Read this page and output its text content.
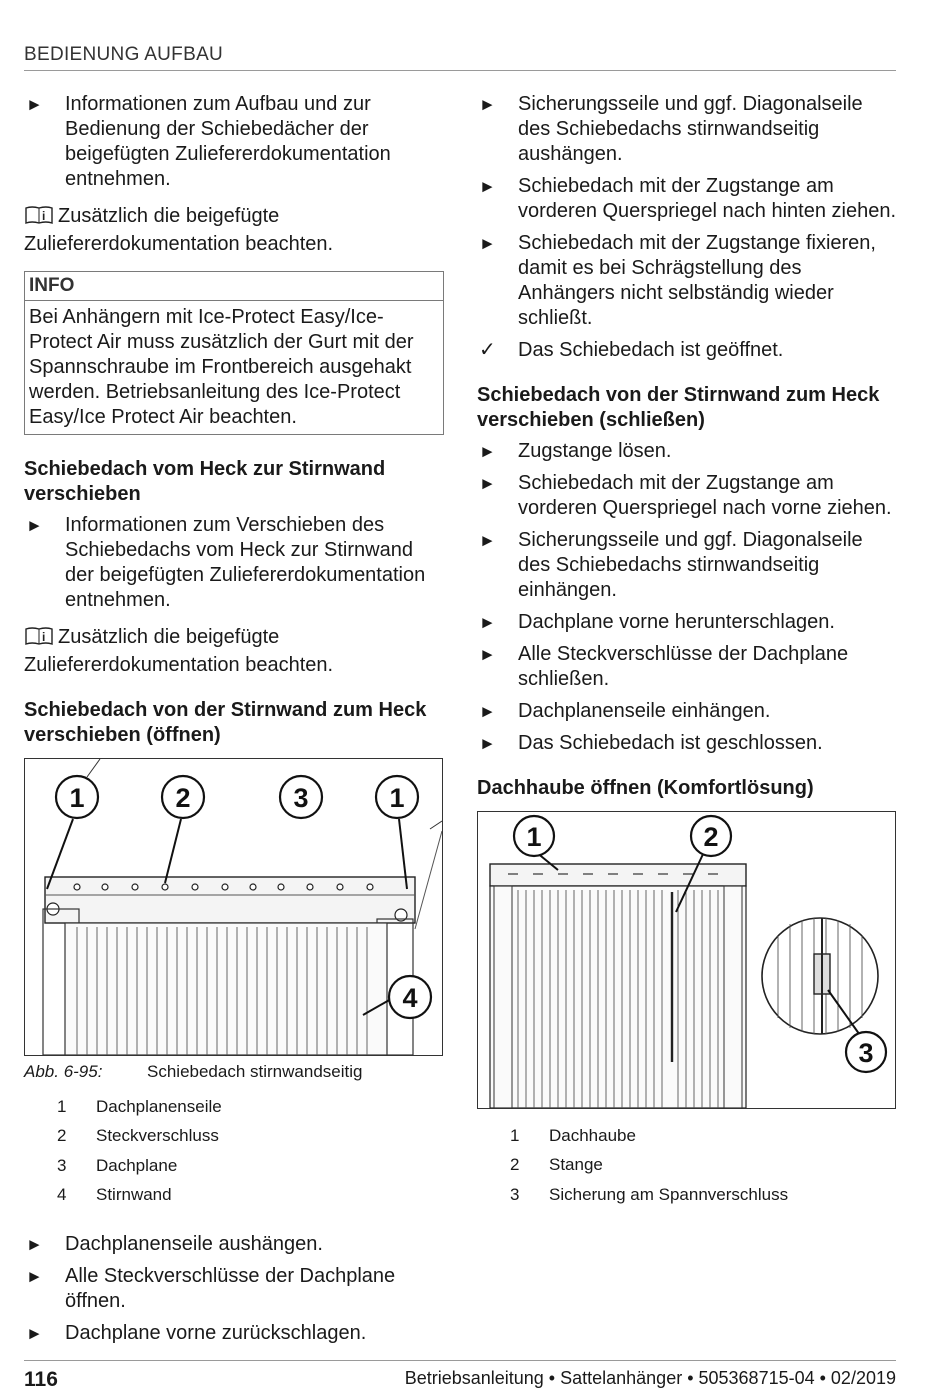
BEDIENUNG AUFBAU
► Informationen zum Aufbau und zur Bedienung der Schiebedächer der beigefügten Zuliefererdokumentation entnehmen.
i Zusätzlich die beigefügte Zuliefererdokumentation beachten.
INFO
Bei Anhängern mit Ice-Protect Easy/Ice-Protect Air muss zusätzlich der Gurt mit der Spannschraube im Frontbereich ausgehakt werden. Betriebsanleitung des Ice-Protect Easy/Ice Protect Air beachten.
Schiebedach vom Heck zur Stirnwand verschieben
► Informationen zum Verschieben des Schiebedachs vom Heck zur Stirnwand der beigefügten Zuliefererdokumentation entnehmen.
i Zusätzlich die beigefügte Zuliefererdokumentation beachten.
Schiebedach von der Stirnwand zum Heck verschieben (öffnen)
1	2	3	1
4
Abb. 6-95:	Schiebedach stirnwandseitig
1	Dachplanenseile
2	Steckverschluss
3	Dachplane
4	Stirnwand
► Dachplanenseile aushängen.
► Alle Steckverschlüsse der Dachplane öffnen.
► Dachplane vorne zurückschlagen.
► Sicherungsseile und ggf. Diagonalseile des Schiebedachs stirnwandseitig aushängen.
► Schiebedach mit der Zugstange am vorderen Querspriegel nach hinten ziehen.
► Schiebedach mit der Zugstange fixieren, damit es bei Schrägstellung des Anhängers nicht selbständig wieder schließt.
✓ Das Schiebedach ist geöffnet.
Schiebedach von der Stirnwand zum Heck verschieben (schließen)
► Zugstange lösen.
► Schiebedach mit der Zugstange am vorderen Querspriegel nach vorne ziehen.
► Sicherungsseile und ggf. Diagonalseile des Schiebedachs stirnwandseitig einhängen.
► Dachplane vorne herunterschlagen.
► Alle Steckverschlüsse der Dachplane schließen.
► Dachplanenseile einhängen.
► Das Schiebedach ist geschlossen.
Dachhaube öffnen (Komfortlösung)
1	2
3
1	Dachhaube
2	Stange
3	Sicherung am Spannverschluss
116	Betriebsanleitung • Sattelanhänger • 505368715-04 • 02/2019
